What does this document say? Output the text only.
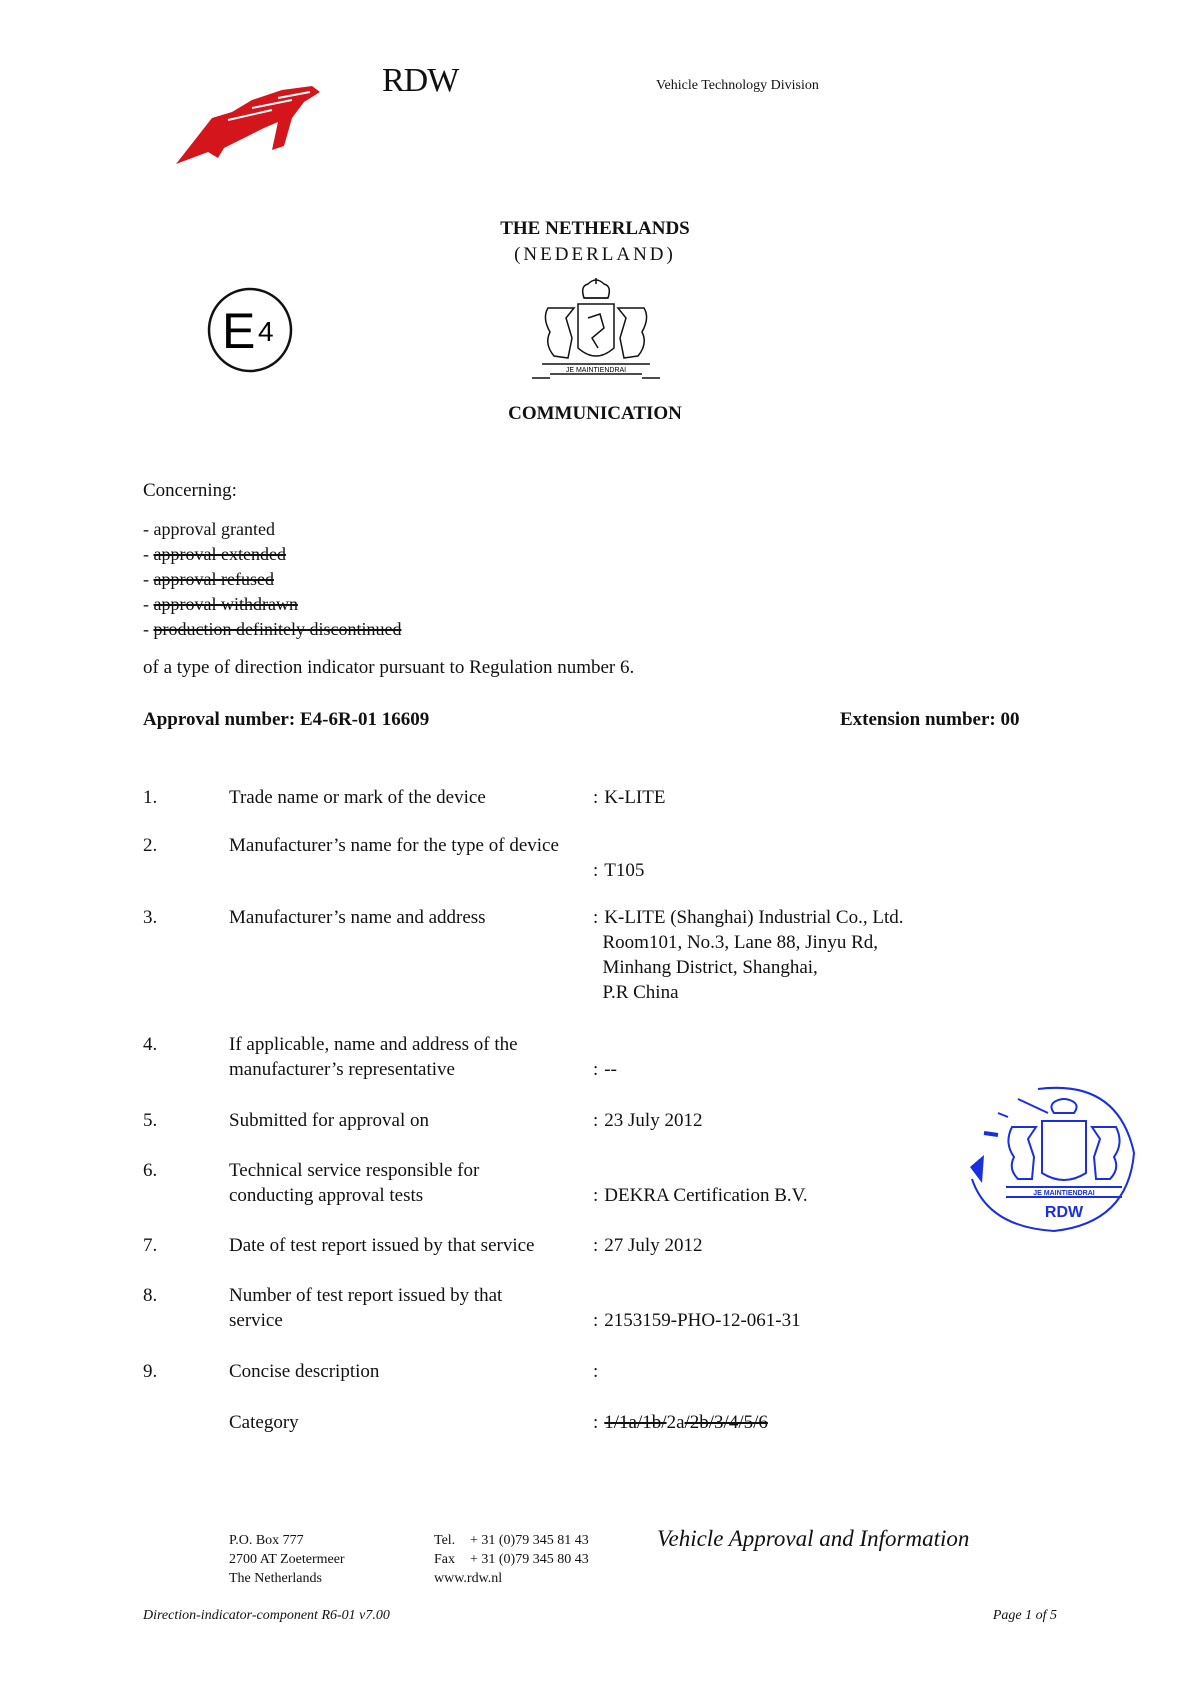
RDW	Vehicle Technology Division
THE NETHERLANDS
(NEDERLAND)
E 4
JE MAINTIENDRAI
COMMUNICATION
Concerning:
- approval granted
- approval extended
- approval refused
- approval withdrawn
- production definitely discontinued
of a type of direction indicator pursuant to Regulation number 6.
Approval number: E4-6R-01 16609	Extension number: 00
1.	Trade name or mark of the device	: K-LITE
2.	Manufacturer’s name for the type of device
: T105
3.	Manufacturer’s name and address	: K-LITE (Shanghai) Industrial Co., Ltd.
Room101, No.3, Lane 88, Jinyu Rd,
Minhang District, Shanghai,
P.R China
4.	If applicable, name and address of the manufacturer’s representative	: --
5.	Submitted for approval on	: 23 July 2012
6.	Technical service responsible for conducting approval tests	: DEKRA Certification B.V.
7.	Date of test report issued by that service	: 27 July 2012
8.	Number of test report issued by that service	: 2153159-PHO-12-061-31
9.	Concise description	:
Category	: 1/1a/1b/2a/2b/3/4/5/6
JE MAINTIENDRAI
RDW
P.O. Box 777
2700 AT Zoetermeer
The Netherlands
Tel. + 31 (0)79 345 81 43
Fax + 31 (0)79 345 80 43
www.rdw.nl
Vehicle Approval and Information
Direction-indicator-component R6-01 v7.00	Page 1 of 5
